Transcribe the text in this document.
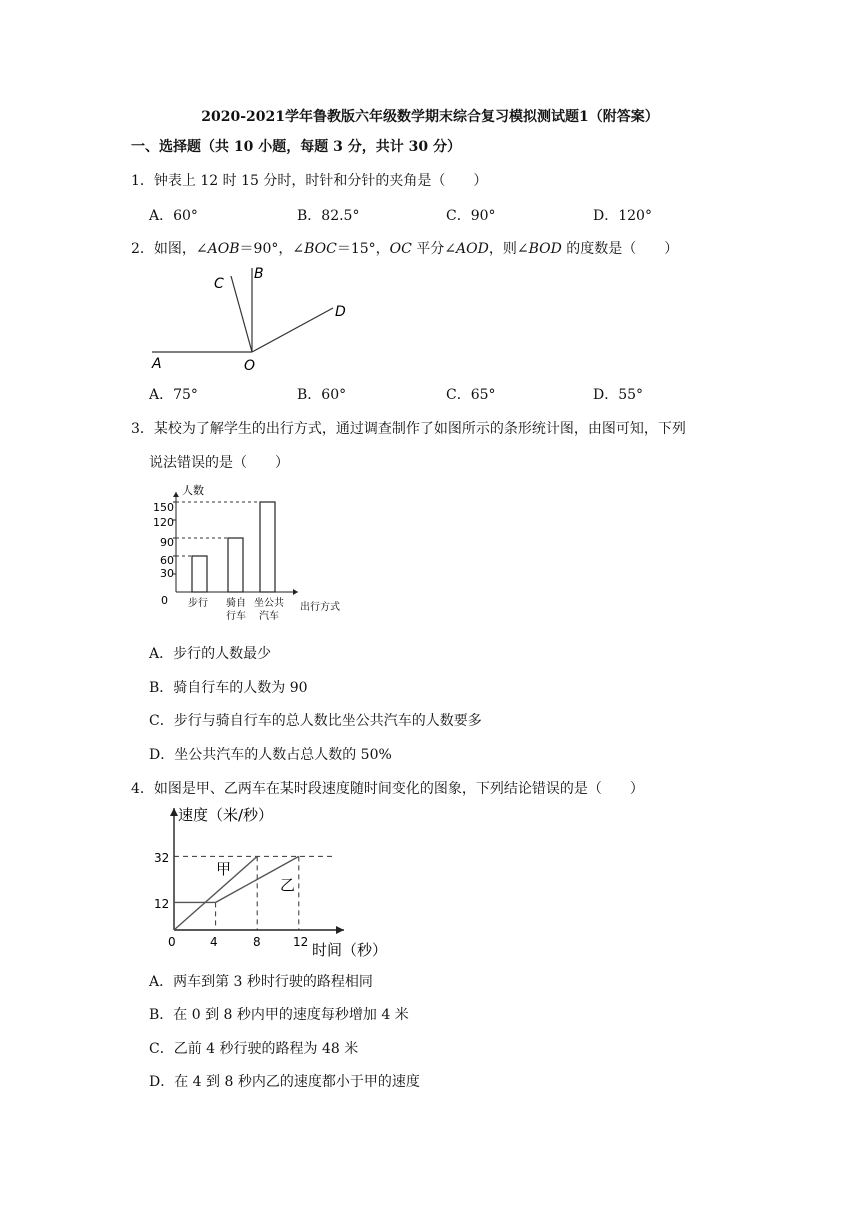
2020-2021学年鲁教版六年级数学期末综合复习模拟测试题1（附答案）
一、选择题（共 10 小题，每题 3 分，共计 30 分）
1．钟表上 12 时 15 分时，时针和分针的夹角是（　　）
A．60°	B．82.5°	C．90°	D．120°
2．如图，∠AOB＝90°，∠BOC＝15°，OC 平分∠AOD，则∠BOD 的度数是（　　）
A
B
C
D
O
A．75°	B．60°	C．65°	D．55°
3．某校为了解学生的出行方式，通过调查制作了如图所示的条形统计图，由图可知，下列
说法错误的是（　　）
人数
出行方式
0
30
60
90
120
150
步行 骑自
行车
坐公共
汽车
A．步行的人数最少
B．骑自行车的人数为 90
C．步行与骑自行车的总人数比坐公共汽车的人数要多
D．坐公共汽车的人数占总人数的 50%
4．如图是甲、乙两车在某时段速度随时间变化的图象，下列结论错误的是（　　）
速度（米/秒）
时间（秒）
0	4	8	12
12
32
甲
乙
A．两车到第 3 秒时行驶的路程相同
B．在 0 到 8 秒内甲的速度每秒增加 4 米
C．乙前 4 秒行驶的路程为 48 米
D．在 4 到 8 秒内乙的速度都小于甲的速度
